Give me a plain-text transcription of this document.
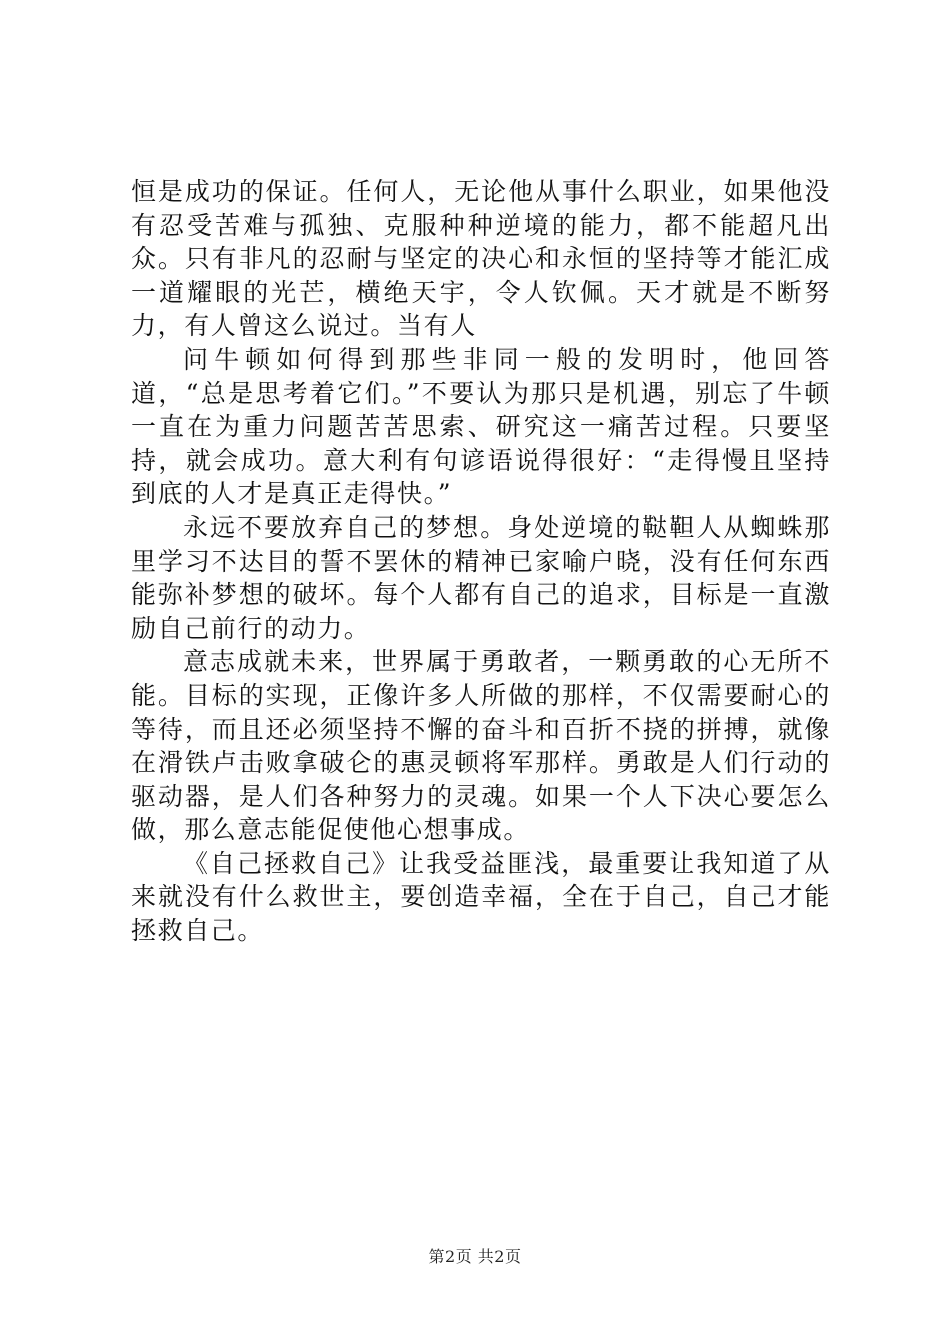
恒是成功的保证。任何人，无论他从事什么职业，如果他没有忍受苦难与孤独、克服种种逆境的能力，都不能超凡出众。只有非凡的忍耐与坚定的决心和永恒的坚持等才能汇成一道耀眼的光芒，横绝天宇，令人钦佩。天才就是不断努力，有人曾这么说过。当有人

问牛顿如何得到那些非同一般的发明时，他回答道，“总是思考着它们。”不要认为那只是机遇，别忘了牛顿一直在为重力问题苦苦思索、研究这一痛苦过程。只要坚持，就会成功。意大利有句谚语说得很好：“走得慢且坚持到底的人才是真正走得快。”

永远不要放弃自己的梦想。身处逆境的鞑靼人从蜘蛛那里学习不达目的誓不罢休的精神已家喻户晓，没有任何东西能弥补梦想的破坏。每个人都有自己的追求，目标是一直激励自己前行的动力。

意志成就未来，世界属于勇敢者，一颗勇敢的心无所不能。目标的实现，正像许多人所做的那样，不仅需要耐心的等待，而且还必须坚持不懈的奋斗和百折不挠的拼搏，就像在滑铁卢击败拿破仑的惠灵顿将军那样。勇敢是人们行动的驱动器，是人们各种努力的灵魂。如果一个人下决心要怎么做，那么意志能促使他心想事成。

《自己拯救自己》让我受益匪浅，最重要让我知道了从来就没有什么救世主，要创造幸福，全在于自己，自己才能拯救自己。

第2页 共2页
